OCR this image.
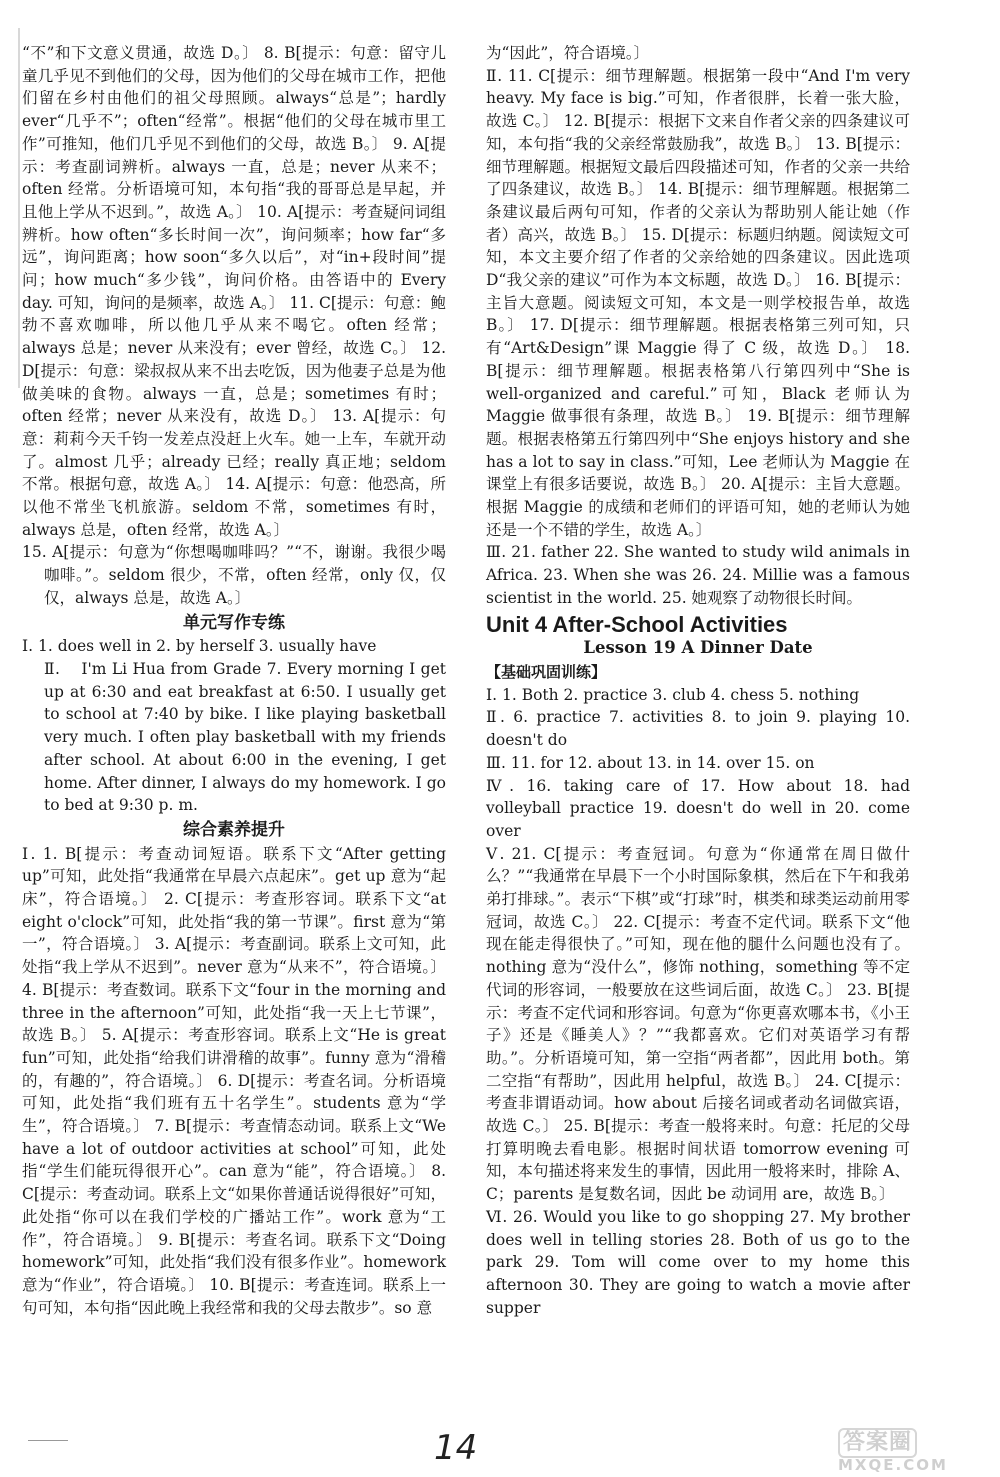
“不”和下文意义贯通，故选 D。〕 8. B[提示：句意：留守儿童几乎见不到他们的父母，因为他们的父母在城市工作，把他们留在乡村由他们的祖父母照顾。always“总是”；hardly ever“几乎不”；often“经常”。根据“他们的父母在城市里工作”可推知，他们几乎见不到他们的父母，故选 B。〕 9. A[提示：考查副词辨析。always 一直，总是；never 从来不；often 经常。分析语境可知，本句指“我的哥哥总是早起，并且他上学从不迟到。”，故选 A。〕 10. A[提示：考查疑问词组辨析。how often“多长时间一次”，询问频率；how far“多远”，询问距离；how soon“多久以后”，对“in+段时间”提问；how much“多少钱”，询问价格。由答语中的 Every day. 可知，询问的是频率，故选 A。〕 11. C[提示：句意：鲍勃不喜欢咖啡，所以他几乎从来不喝它。often 经常；always 总是；never 从来没有；ever 曾经，故选 C。〕 12. D[提示：句意：梁叔叔从来不出去吃饭，因为他妻子总是为他做美味的食物。always 一直，总是；sometimes 有时；often 经常；never 从来没有，故选 D。〕 13. A[提示：句意：莉莉今天千钧一发差点没赶上火车。她一上车，车就开动了。almost 几乎；already 已经；really 真正地；seldom 不常。根据句意，故选 A。〕 14. A[提示：句意：他恐高，所以他不常坐飞机旅游。seldom 不常，sometimes 有时，always 总是，often 经常，故选 A。〕

15. A[提示：句意为“你想喝咖啡吗？”“不，谢谢。我很少喝咖啡。”。seldom 很少，不常，often 经常，only 仅，仅仅，always 总是，故选 A。〕

单元写作专练

Ⅰ. 1. does well in 2. by herself 3. usually have

Ⅱ. I'm Li Hua from Grade 7. Every morning I get up at 6:30 and eat breakfast at 6:50. I usually get to school at 7:40 by bike. I like playing basketball very much. I often play basketball with my friends after school. At about 6:00 in the evening, I get home. After dinner, I always do my homework. I go to bed at 9:30 p. m.

综合素养提升

Ⅰ. 1. B[提示：考查动词短语。联系下文“After getting up”可知，此处指“我通常在早晨六点起床”。get up 意为“起床”，符合语境。〕 2. C[提示：考查形容词。联系下文“at eight o'clock”可知，此处指“我的第一节课”。first 意为“第一”，符合语境。〕 3. A[提示：考查副词。联系上文可知，此处指“我上学从不迟到”。never 意为“从来不”，符合语境。〕 4. B[提示：考查数词。联系下文“four in the morning and three in the afternoon”可知，此处指“我一天上七节课”，故选 B。〕 5. A[提示：考查形容词。联系上文“He is great fun”可知，此处指“给我们讲滑稽的故事”。funny 意为“滑稽的，有趣的”，符合语境。〕 6. D[提示：考查名词。分析语境可知，此处指“我们班有五十名学生”。students 意为“学生”，符合语境。〕 7. B[提示：考查情态动词。联系上文“We have a lot of outdoor activities at school”可知，此处指“学生们能玩得很开心”。can 意为“能”，符合语境。〕 8. C[提示：考查动词。联系上文“如果你普通话说得很好”可知，此处指“你可以在我们学校的广播站工作”。work 意为“工作”，符合语境。〕 9. B[提示：考查名词。联系下文“Doing homework”可知，此处指“我们没有很多作业”。homework 意为“作业”，符合语境。〕 10. B[提示：考查连词。联系上一句可知，本句指“因此晚上我经常和我的父母去散步”。so 意

为“因此”，符合语境。〕

Ⅱ. 11. C[提示：细节理解题。根据第一段中“And I'm very heavy. My face is big.”可知，作者很胖，长着一张大脸，故选 C。〕 12. B[提示：根据下文来自作者父亲的四条建议可知，本句指“我的父亲经常鼓励我”，故选 B。〕 13. B[提示：细节理解题。根据短文最后四段描述可知，作者的父亲一共给了四条建议，故选 B。〕 14. B[提示：细节理解题。根据第二条建议最后两句可知，作者的父亲认为帮助别人能让她（作者）高兴，故选 B。〕 15. D[提示：标题归纳题。阅读短文可知，本文主要介绍了作者的父亲给她的四条建议。因此选项 D“我父亲的建议”可作为本文标题，故选 D。〕 16. B[提示：主旨大意题。阅读短文可知，本文是一则学校报告单，故选 B。〕 17. D[提示：细节理解题。根据表格第三列可知，只有“Art&Design”课 Maggie 得了 C 级，故选 D。〕 18. B[提示：细节理解题。根据表格第八行第四列中“She is well-organized and careful.”可知，Black 老师认为 Maggie 做事很有条理，故选 B。〕 19. B[提示：细节理解题。根据表格第五行第四列中“She enjoys history and she has a lot to say in class.”可知，Lee 老师认为 Maggie 在课堂上有很多话要说，故选 B。〕 20. A[提示：主旨大意题。根据 Maggie 的成绩和老师们的评语可知，她的老师认为她还是一个不错的学生，故选 A。〕

Ⅲ. 21. father 22. She wanted to study wild animals in Africa. 23. When she was 26. 24. Millie was a famous scientist in the world. 25. 她观察了动物很长时间。

Unit 4 After-School Activities
Lesson 19 A Dinner Date
【基础巩固训练】

Ⅰ. 1. Both 2. practice 3. club 4. chess 5. nothing

Ⅱ. 6. practice 7. activities 8. to join 9. playing 10. doesn't do

Ⅲ. 11. for 12. about 13. in 14. over 15. on

Ⅳ. 16. taking care of 17. How about 18. had volleyball practice 19. doesn't do well in 20. come over

Ⅴ. 21. C[提示：考查冠词。句意为“你通常在周日做什么？”“我通常在早晨下一个小时国际象棋，然后在下午和我弟弟打排球。”。表示“下棋”或“打球”时，棋类和球类运动前用零冠词，故选 C。〕 22. C[提示：考查不定代词。联系下文“他现在能走得很快了。”可知，现在他的腿什么问题也没有了。nothing 意为“没什么”，修饰 nothing，something 等不定代词的形容词，一般要放在这些词后面，故选 C。〕 23. B[提示：考查不定代词和形容词。句意为“你更喜欢哪本书，《小王子》还是《睡美人》？”“我都喜欢。它们对英语学习有帮助。”。分析语境可知，第一空指“两者都”，因此用 both。第二空指“有帮助”，因此用 helpful，故选 B。〕 24. C[提示：考查非谓语动词。how about 后接名词或者动名词做宾语，故选 C。〕 25. B[提示：考查一般将来时。句意：托尼的父母打算明晚去看电影。根据时间状语 tomorrow evening 可知，本句描述将来发生的事情，因此用一般将来时，排除 A、C；parents 是复数名词，因此 be 动词用 are，故选 B。〕

Ⅵ. 26. Would you like to go shopping 27. My brother does well in telling stories 28. Both of us go to the park 29. Tom will come over to my home this afternoon 30. They are going to watch a movie after supper

14	答案圈
MXQE.COM
